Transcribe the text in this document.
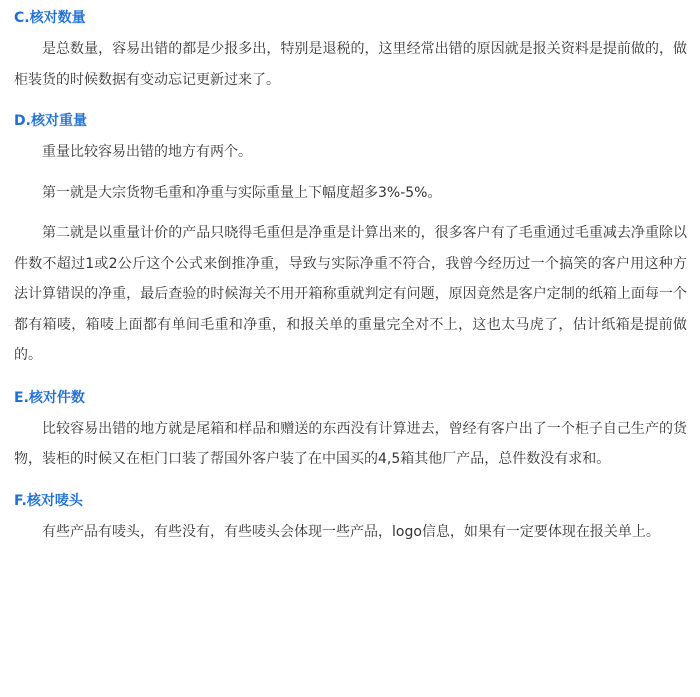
C.核对数量

是总数量，容易出错的都是少报多出，特别是退税的，这里经常出错的原因就是报关资料是提前做的，做柜装货的时候数据有变动忘记更新过来了。

D.核对重量

重量比较容易出错的地方有两个。

第一就是大宗货物毛重和净重与实际重量上下幅度超多3%-5%。

第二就是以重量计价的产品只晓得毛重但是净重是计算出来的，很多客户有了毛重通过毛重减去净重除以件数不超过1或2公斤这个公式来倒推净重，导致与实际净重不符合，我曾今经历过一个搞笑的客户用这种方法计算错误的净重，最后查验的时候海关不用开箱称重就判定有问题，原因竟然是客户定制的纸箱上面每一个都有箱唛，箱唛上面都有单间毛重和净重，和报关单的重量完全对不上，这也太马虎了，估计纸箱是提前做的。

E.核对件数

比较容易出错的地方就是尾箱和样品和赠送的东西没有计算进去，曾经有客户出了一个柜子自己生产的货物，装柜的时候又在柜门口装了帮国外客户装了在中国买的4,5箱其他厂产品，总件数没有求和。

F.核对唛头

有些产品有唛头，有些没有，有些唛头会体现一些产品，logo信息，如果有一定要体现在报关单上。
